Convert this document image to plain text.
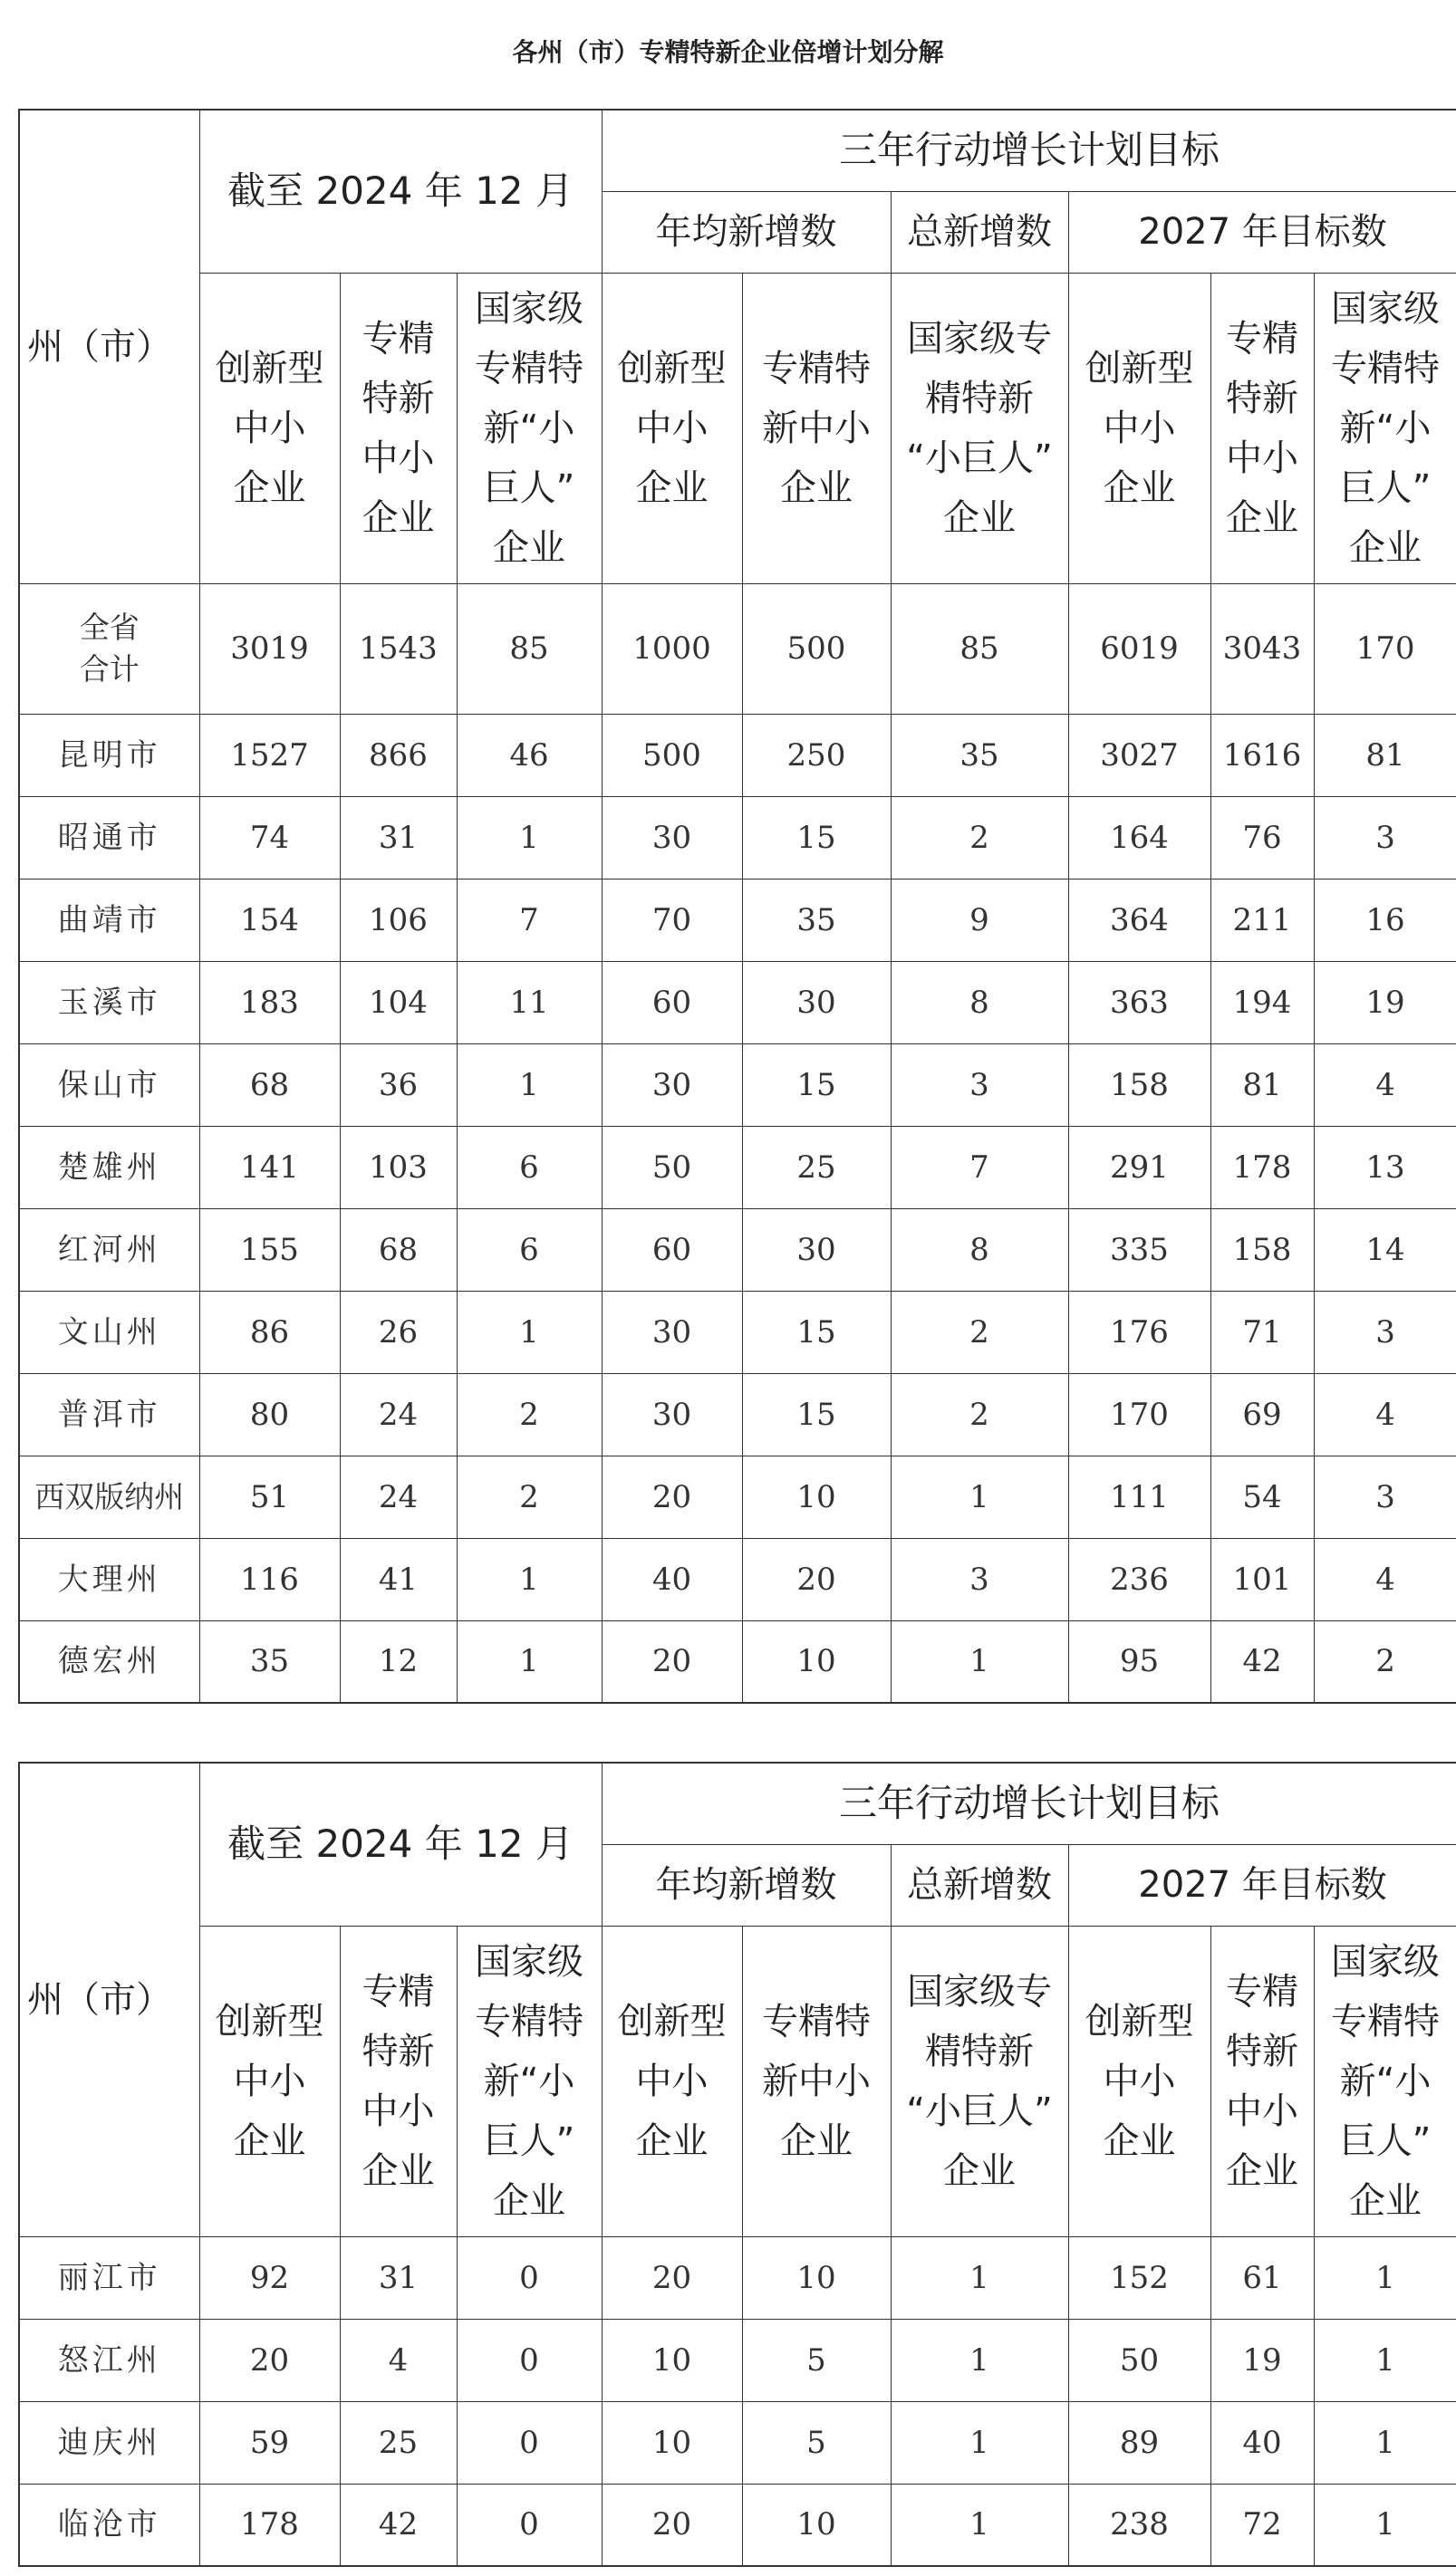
各州（市）专精特新企业倍增计划分解
州（市）	截至 2024 年 12 月			三年行动增长计划目标					
				年均新增数		总新增数	2027 年目标数		
	创新型
中小
企业	专精
特新
中小
企业	国家级
专精特
新“小
巨人”
企业	创新型
中小
企业	专精特
新中小
企业	国家级专
精特新
“小巨人”
企业	创新型
中小
企业	专精
特新
中小
企业	国家级
专精特
新“小
巨人”
企业
全省
合计	3019	1543	85	1000	500	85	6019	3043	170
昆明市	1527	866	46	500	250	35	3027	1616	81
昭通市	74	31	1	30	15	2	164	76	3
曲靖市	154	106	7	70	35	9	364	211	16
玉溪市	183	104	11	60	30	8	363	194	19
保山市	68	36	1	30	15	3	158	81	4
楚雄州	141	103	6	50	25	7	291	178	13
红河州	155	68	6	60	30	8	335	158	14
文山州	86	26	1	30	15	2	176	71	3
普洱市	80	24	2	30	15	2	170	69	4
西双版纳州	51	24	2	20	10	1	111	54	3
大理州	116	41	1	40	20	3	236	101	4
德宏州	35	12	1	20	10	1	95	42	2
州（市）	截至 2024 年 12 月			三年行动增长计划目标					
				年均新增数		总新增数	2027 年目标数		
	创新型
中小
企业	专精
特新
中小
企业	国家级
专精特
新“小
巨人”
企业	创新型
中小
企业	专精特
新中小
企业	国家级专
精特新
“小巨人”
企业	创新型
中小
企业	专精
特新
中小
企业	国家级
专精特
新“小
巨人”
企业
丽江市	92	31	0	20	10	1	152	61	1
怒江州	20	4	0	10	5	1	50	19	1
迪庆州	59	25	0	10	5	1	89	40	1
临沧市	178	42	0	20	10	1	238	72	1
